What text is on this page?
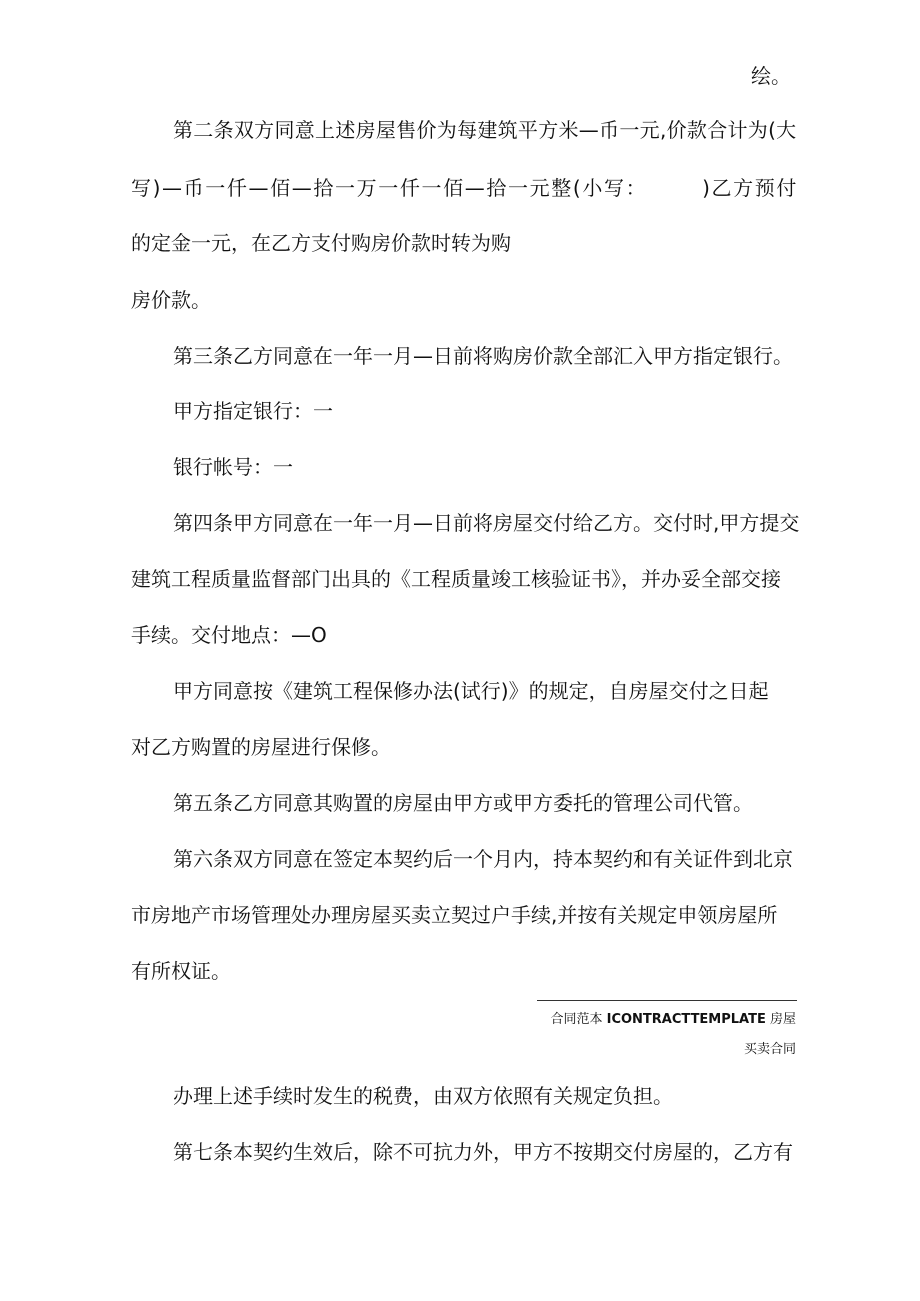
绘。
第二条双方同意上述房屋售价为每建筑平方米—币一元,价款合计为(大
写)—币一仟—佰—拾一万一仟一佰—拾一元整(小写：　　　)乙方预付
的定金一元，在乙方支付购房价款时转为购
房价款。
第三条乙方同意在一年一月—日前将购房价款全部汇入甲方指定银行。
甲方指定银行：一
银行帐号：一
第四条甲方同意在一年一月—日前将房屋交付给乙方。交付时,甲方提交
建筑工程质量监督部门出具的《工程质量竣工核验证书》，并办妥全部交接
手续。交付地点：—O
甲方同意按《建筑工程保修办法(试行)》的规定，自房屋交付之日起
对乙方购置的房屋进行保修。
第五条乙方同意其购置的房屋由甲方或甲方委托的管理公司代管。
第六条双方同意在签定本契约后一个月内，持本契约和有关证件到北京
市房地产市场管理处办理房屋买卖立契过户手续,并按有关规定申领房屋所
有所权证。
合同范本 ICONTRACTTEMPLATE 房屋
买卖合同
办理上述手续时发生的税费，由双方依照有关规定负担。
第七条本契约生效后，除不可抗力外，甲方不按期交付房屋的，乙方有
